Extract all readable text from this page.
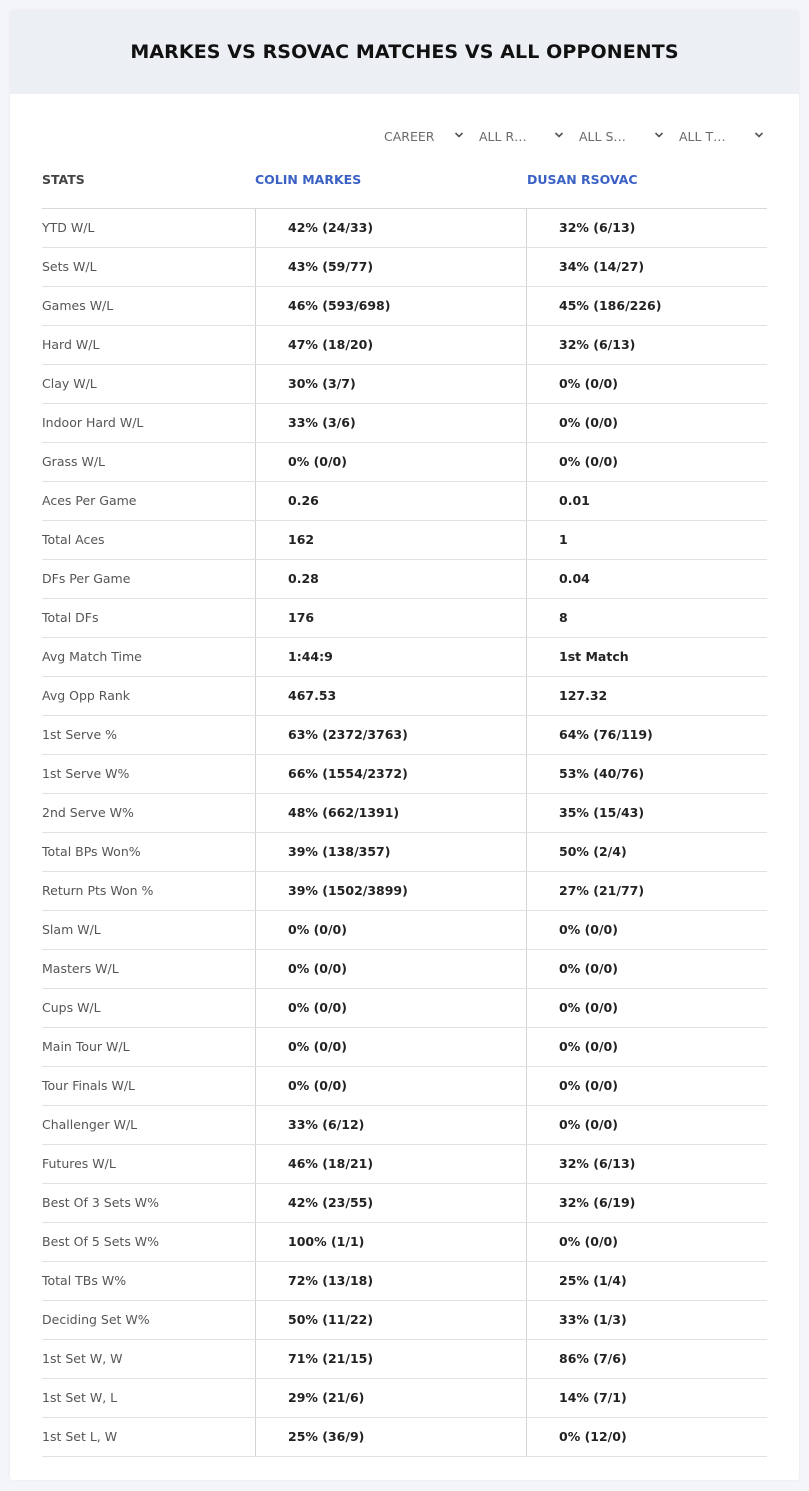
MARKES VS RSOVAC MATCHES VS ALL OPPONENTS
CAREER	ALL R…	ALL S…	ALL T…
STATS	COLIN MARKES	DUSAN RSOVAC
YTD W/L	42% (24/33)	32% (6/13)
Sets W/L	43% (59/77)	34% (14/27)
Games W/L	46% (593/698)	45% (186/226)
Hard W/L	47% (18/20)	32% (6/13)
Clay W/L	30% (3/7)	0% (0/0)
Indoor Hard W/L	33% (3/6)	0% (0/0)
Grass W/L	0% (0/0)	0% (0/0)
Aces Per Game	0.26	0.01
Total Aces	162	1
DFs Per Game	0.28	0.04
Total DFs	176	8
Avg Match Time	1:44:9	1st Match
Avg Opp Rank	467.53	127.32
1st Serve %	63% (2372/3763)	64% (76/119)
1st Serve W%	66% (1554/2372)	53% (40/76)
2nd Serve W%	48% (662/1391)	35% (15/43)
Total BPs Won%	39% (138/357)	50% (2/4)
Return Pts Won %	39% (1502/3899)	27% (21/77)
Slam W/L	0% (0/0)	0% (0/0)
Masters W/L	0% (0/0)	0% (0/0)
Cups W/L	0% (0/0)	0% (0/0)
Main Tour W/L	0% (0/0)	0% (0/0)
Tour Finals W/L	0% (0/0)	0% (0/0)
Challenger W/L	33% (6/12)	0% (0/0)
Futures W/L	46% (18/21)	32% (6/13)
Best Of 3 Sets W%	42% (23/55)	32% (6/19)
Best Of 5 Sets W%	100% (1/1)	0% (0/0)
Total TBs W%	72% (13/18)	25% (1/4)
Deciding Set W%	50% (11/22)	33% (1/3)
1st Set W, W	71% (21/15)	86% (7/6)
1st Set W, L	29% (21/6)	14% (7/1)
1st Set L, W	25% (36/9)	0% (12/0)
